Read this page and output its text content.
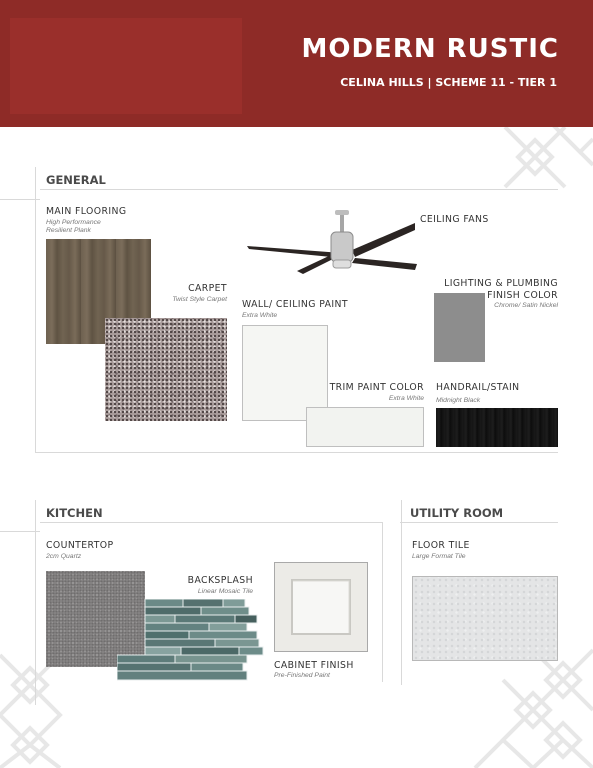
MODERN RUSTIC
CELINA HILLS | SCHEME 11 - TIER 1
GENERAL
MAIN FLOORING
High Performance
Resilient Plank
CARPET
Twist Style Carpet
CEILING FANS
WALL/ CEILING PAINT
Extra White
LIGHTING & PLUMBING
FINISH COLOR
Chrome/ Satin Nickel
TRIM PAINT COLOR
Extra White
HANDRAIL/STAIN
Midnight Black
KITCHEN
COUNTERTOP
2cm Quartz
BACKSPLASH
Linear Mosaic Tile
CABINET FINISH
Pre-Finished Paint
UTILITY ROOM
FLOOR TILE
Large Format Tile
